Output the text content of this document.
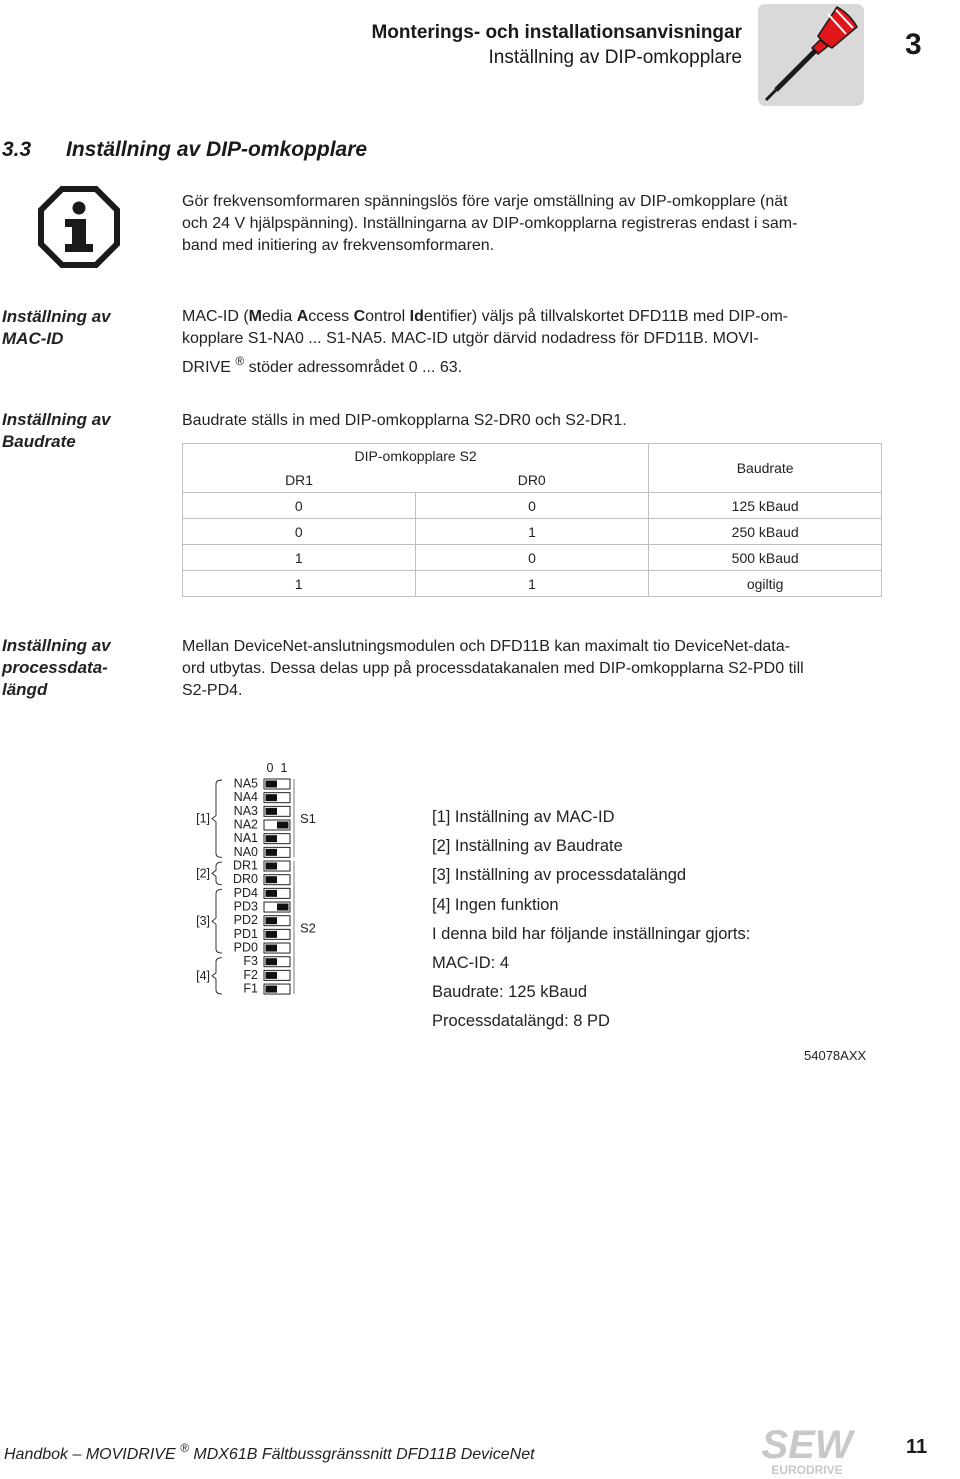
Monterings- och installationsanvisningar
Inställning av DIP-omkopplare	3
3.3 Inställning av DIP-omkopplare
Gör frekvensomformaren spänningslös före varje omställning av DIP-omkopplare (nät
och 24 V hjälpspänning). Inställningarna av DIP-omkopplarna registreras endast i sam-
band med initiering av frekvensomformaren.
Inställning av
MAC-ID
MAC-ID (Media Access Control Identifier) väljs på tillvalskortet DFD11B med DIP-om-
kopplare S1-NA0 ... S1-NA5. MAC-ID utgör därvid nodadress för DFD11B. MOVI-
DRIVE ® stöder adressområdet 0 ... 63.
Inställning av
Baudrate
Baudrate ställs in med DIP-omkopplarna S2-DR0 och S2-DR1.
DIP-omkopplare S2		Baudrate
DR1	DR0	
0	0	125 kBaud
0	1	250 kBaud
1	0	500 kBaud
1	1	ogiltig
Inställning av
processdata-
längd
Mellan DeviceNet-anslutningsmodulen och DFD11B kan maximalt tio DeviceNet-data-
ord utbytas. Dessa delas upp på processdatakanalen med DIP-omkopplarna S2-PD0 till
S2-PD4.
0 1
NA5
NA4
NA3
NA2
NA1
NA0
DR1
DR0
PD4
PD3
PD2
PD1
PD0
F3
F2
F1
[1]
[2]
[3]
[4]
S1
S2
[1] Inställning av MAC-ID
[2] Inställning av Baudrate
[3] Inställning av processdatalängd
[4] Ingen funktion
I denna bild har följande inställningar gjorts:
MAC-ID: 4
Baudrate: 125 kBaud
Processdatalängd: 8 PD
54078AXX
Handbok – MOVIDRIVE ® MDX61B Fältbussgränssnitt DFD11B DeviceNet	SEW
EURODRIVE
11
